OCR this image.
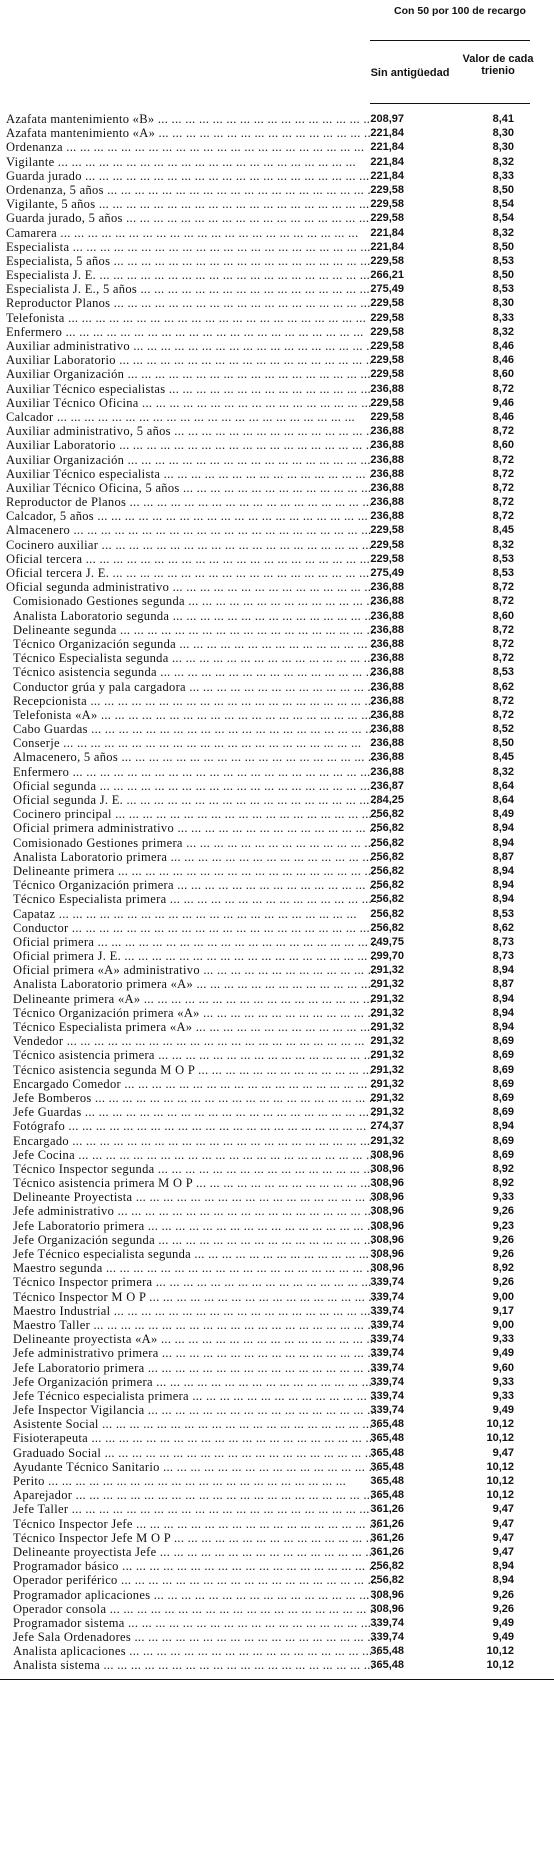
Con 50 por 100 de recargo
Sin antigüedad
Valor de cada trienio
Azafata mantenimiento «B» ... .	208,97	8,41
Azafata mantenimiento «A» ... .	221,84	8,30
Ordenanza ... .	221,84	8,30
Vigilante ... .	221,84	8,32
Guarda jurado ... .	221,84	8,33
Ordenanza, 5 años ... .	229,58	8,50
Vigilante, 5 años ... .	229,58	8,54
Guarda jurado, 5 años ... .	229,58	8,54
Camarera ... .	221,84	8,32
Especialista ... .	221,84	8,50
Especialista, 5 años ... .	229,58	8,53
Especialista J. E. ... .	266,21	8,50
Especialista J. E., 5 años ... .	275,49	8,53
Reproductor Planos ... .	229,58	8,30
Telefonista ... .	229,58	8,33
Enfermero ... .	229,58	8,32
Auxiliar administrativo ... .	229,58	8,46
Auxiliar Laboratorio ... .	229,58	8,46
Auxiliar Organización ... .	229,58	8,60
Auxiliar Técnico especialistas ... .	236,88	8,72
Auxiliar Técnico Oficina ... .	229,58	9,46
Calcador ... .	229,58	8,46
Auxiliar administrativo, 5 años ... .	236,88	8,72
Auxiliar Laboratorio ... .	236,88	8,60
Auxiliar Organización ... .	236,88	8,72
Auxiliar Técnico especialista ... .	236,88	8,72
Auxiliar Técnico Oficina, 5 años ... .	236,88	8,72
Reproductor de Planos ... .	236,88	8,72
Calcador, 5 años ... .	236,88	8,72
Almacenero ... .	229,58	8,45
Cocinero auxiliar ... .	229,58	8,32
Oficial tercera ... .	229,58	8,53
Oficial tercera J. E. ... .	275,49	8,53
Oficial segunda administrativo ... .	236,88	8,72
Comisionado Gestiones segunda ... .	236,88	8,72
Analista Laboratorio segunda ... .	236,88	8,60
Delineante segunda ... .	236,88	8,72
Técnico Organización segunda ... .	236,88	8,72
Técnico Especialista segunda ... .	236,88	8,72
Técnico asistencia segunda ... .	236,88	8,53
Conductor grúa y pala cargadora ... .	236,88	8,62
Recepcionista ... .	236,88	8,72
Telefonista «A» ... .	236,88	8,72
Cabo Guardas ... .	236,88	8,52
Conserje ... .	236,88	8,50
Almacenero, 5 años ... .	236,88	8,45
Enfermero ... .	236,88	8,32
Oficial segunda ... .	236,87	8,64
Oficial segunda J. E. ... .	284,25	8,64
Cocinero principal ... .	256,82	8,49
Oficial primera administrativo ... .	256,82	8,94
Comisionado Gestiones primera ... .	256,82	8,94
Analista Laboratorio primera ... .	256,82	8,87
Delineante primera ... .	256,82	8,94
Técnico Organización primera ... .	256,82	8,94
Técnico Especialista primera ... .	256,82	8,94
Capataz ... .	256,82	8,53
Conductor ... .	256,82	8,62
Oficial primera ... .	249,75	8,73
Oficial primera J. E. ... .	299,70	8,73
Oficial primera «A» administrativo ... .	291,32	8,94
Analista Laboratorio primera «A» ... .	291,32	8,87
Delineante primera «A» ... .	291,32	8,94
Técnico Organización primera «A» ... .	291,32	8,94
Técnico Especialista primera «A» ... .	291,32	8,94
Vendedor ... .	291,32	8,69
Técnico asistencia primera ... .	291,32	8,69
Técnico asistencia segunda M O P ... .	291,32	8,69
Encargado Comedor ... .	291,32	8,69
Jefe Bomberos ... .	291,32	8,69
Jefe Guardas ... .	291,32	8,69
Fotógrafo ... .	274,37	8,94
Encargado ... .	291,32	8,69
Jefe Cocina ... .	308,96	8,69
Técnico Inspector segunda ... .	308,96	8,92
Técnico asistencia primera M O P ... .	308,96	8,92
Delineante Proyectista ... .	308,96	9,33
Jefe administrativo ... .	308,96	9,26
Jefe Laboratorio primera ... .	308,96	9,23
Jefe Organización segunda ... .	308,96	9,26
Jefe Técnico especialista segunda ... .	308,96	9,26
Maestro segunda ... .	308,96	8,92
Técnico Inspector primera ... .	339,74	9,26
Técnico Inspector M O P ... .	339,74	9,00
Maestro Industrial ... .	339,74	9,17
Maestro Taller ... .	339,74	9,00
Delineante proyectista «A» ... .	339,74	9,33
Jefe administrativo primera ... .	339,74	9,49
Jefe Laboratorio primera ... .	339,74	9,60
Jefe Organización primera ... .	339,74	9,33
Jefe Técnico especialista primera ... .	339,74	9,33
Jefe Inspector Vigilancia ... .	339,74	9,49
Asistente Social ... .	365,48	10,12
Fisioterapeuta ... .	365,48	10,12
Graduado Social ... .	365,48	9,47
Ayudante Técnico Sanitario ... .	365,48	10,12
Perito ... .	365,48	10,12
Aparejador ... .	365,48	10,12
Jefe Taller ... .	361,26	9,47
Técnico Inspector Jefe ... .	361,26	9,47
Técnico Inspector Jefe M O P ... .	361,26	9,47
Delineante proyectista Jefe ... .	361,26	9,47
Programador básico ... .	256,82	8,94
Operador periférico ... .	256,82	8,94
Programador aplicaciones ... .	308,96	9,26
Operador consola ... .	308,96	9,26
Programador sistema ... .	339,74	9,49
Jefe Sala Ordenadores ... .	339,74	9,49
Analista aplicaciones ... .	365,48	10,12
Analista sistema ... .	365,48	10,12
